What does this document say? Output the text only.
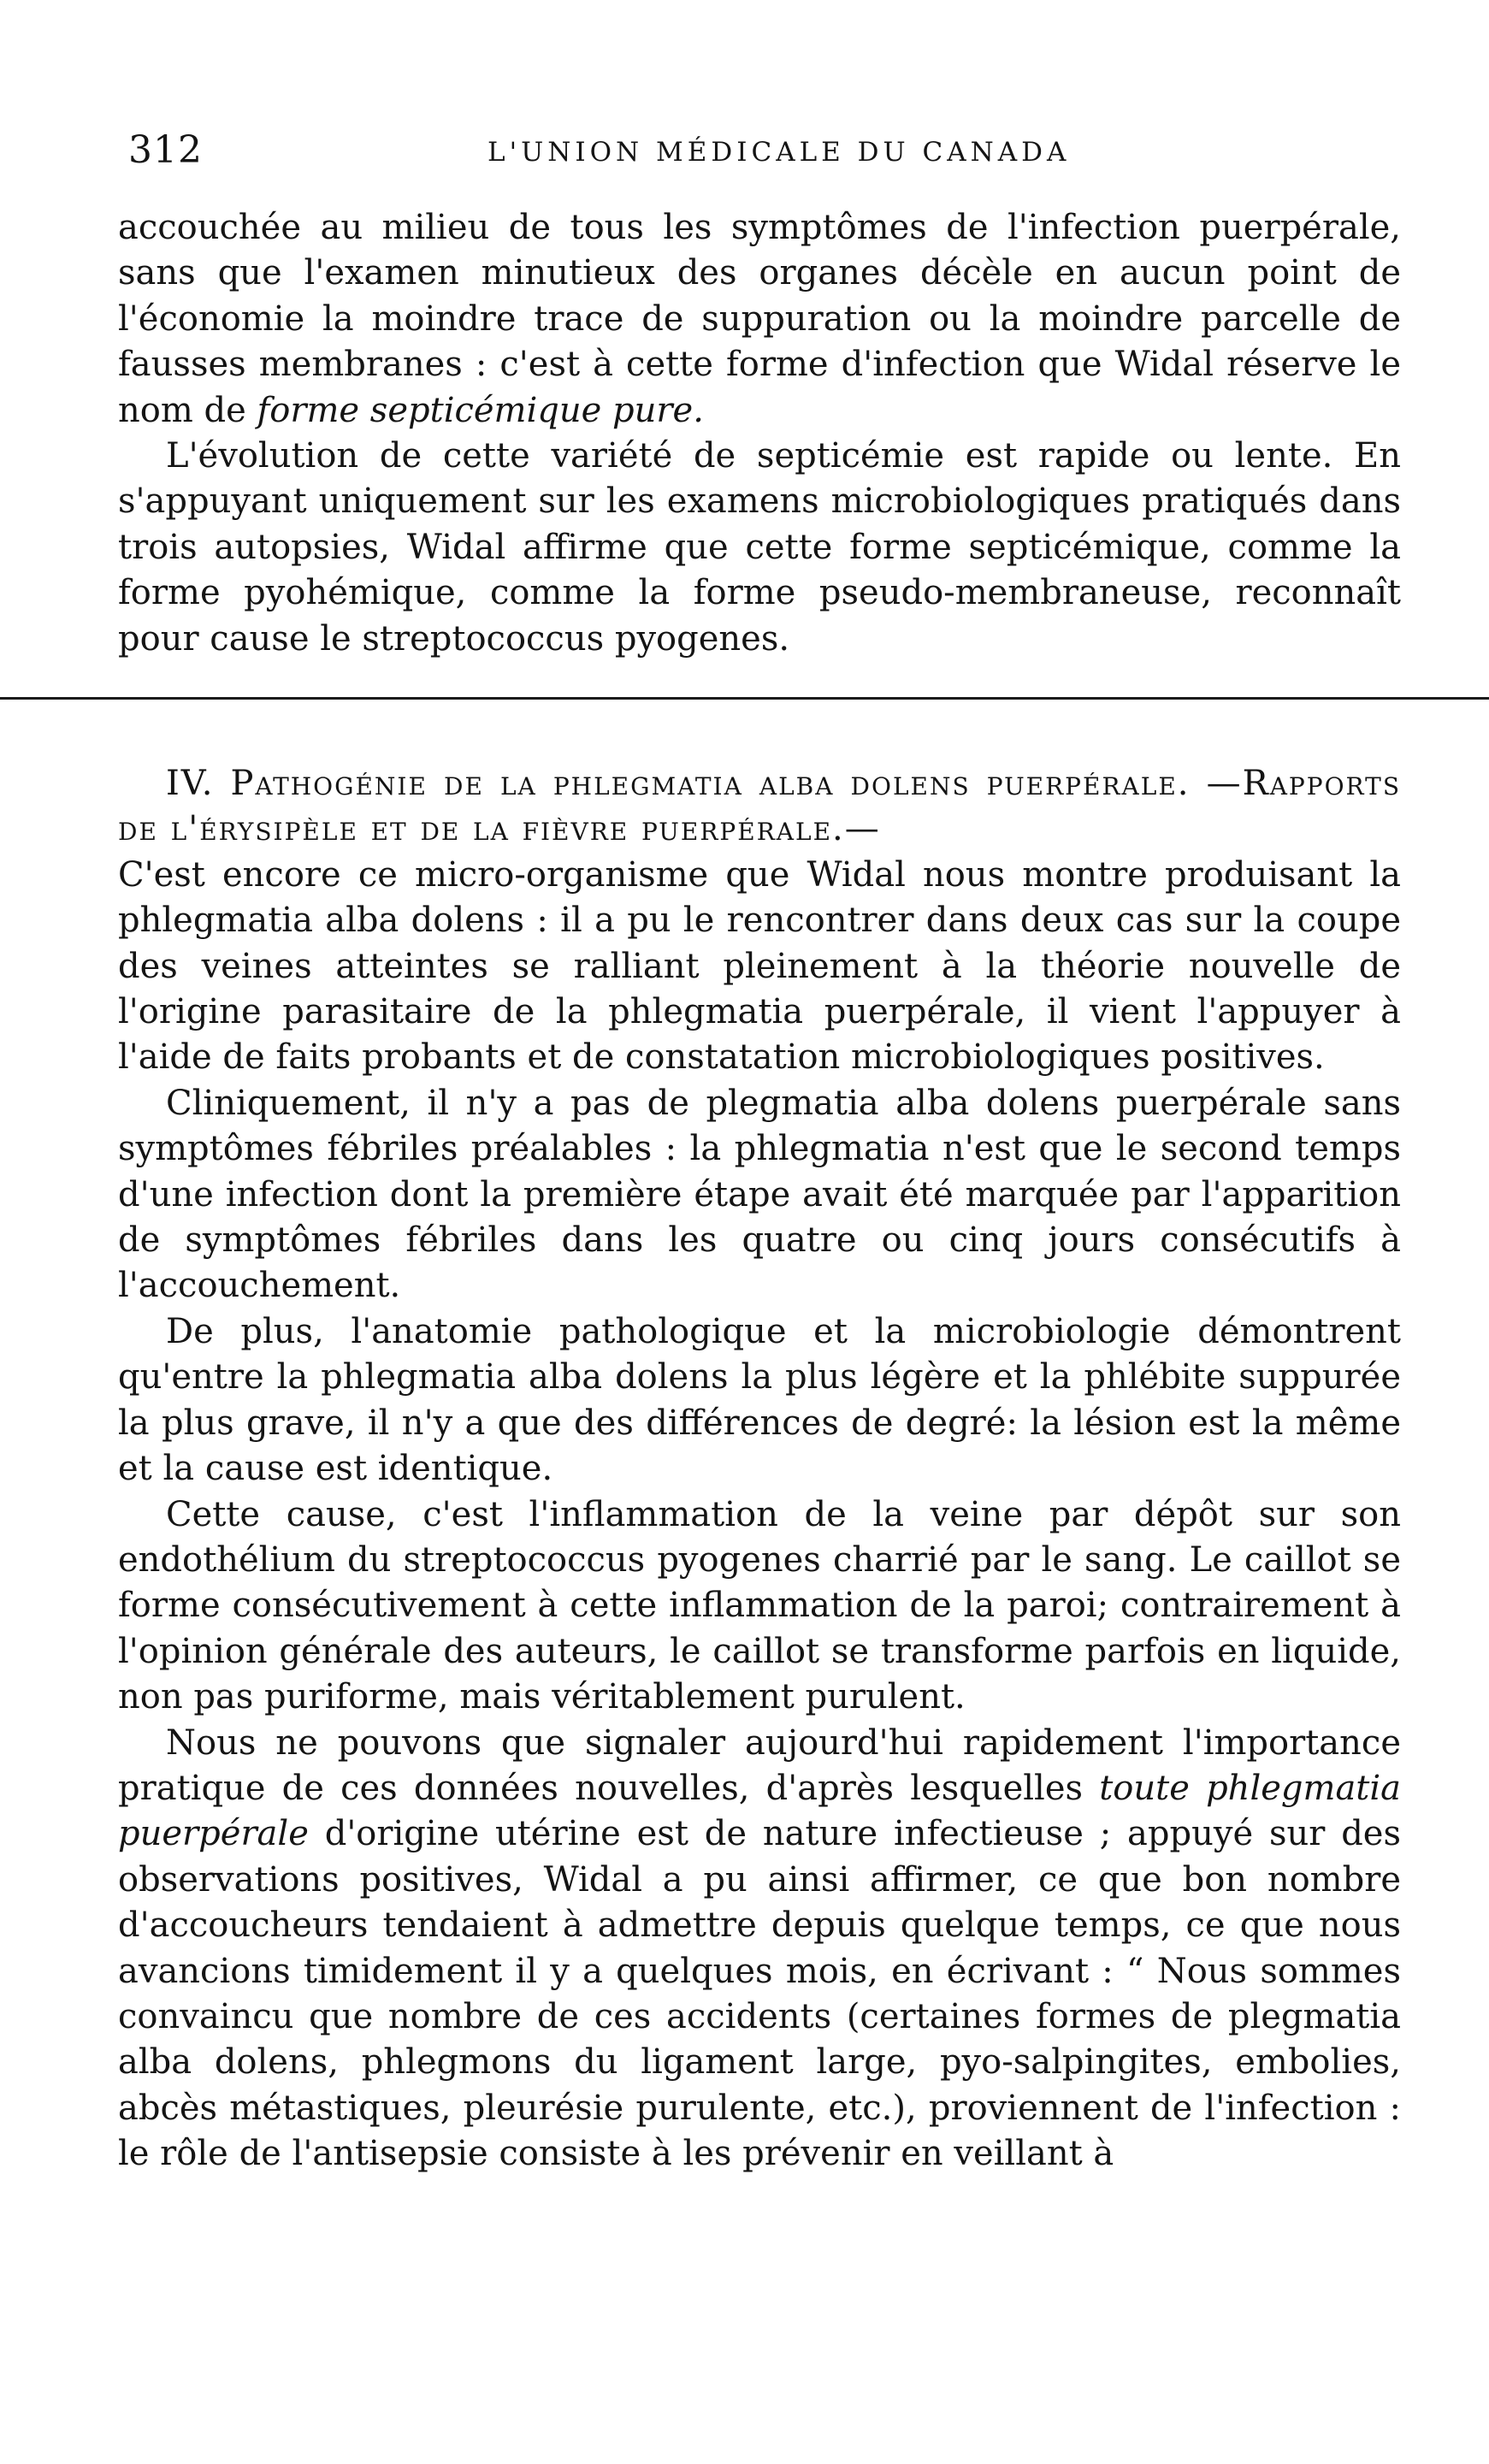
312	L'UNION MÉDICALE DU CANADA

accouchée au milieu de tous les symptômes de l'infection puerpérale, sans que l'examen minutieux des organes décèle en aucun point de l'économie la moindre trace de suppuration ou la moindre parcelle de fausses membranes : c'est à cette forme d'infection que Widal réserve le nom de forme septicémique pure.

L'évolution de cette variété de septicémie est rapide ou lente. En s'appuyant uniquement sur les examens microbiologiques pratiqués dans trois autopsies, Widal affirme que cette forme septicémique, comme la forme pyohémique, comme la forme pseudo-membraneuse, reconnaît pour cause le streptococcus pyogenes.

IV. Pathogénie de la phlegmatia alba dolens puerpérale. —Rapports de l'érysipèle et de la fièvre puerpérale.—

C'est encore ce micro-organisme que Widal nous montre produisant la phlegmatia alba dolens : il a pu le rencontrer dans deux cas sur la coupe des veines atteintes se ralliant pleinement à la théorie nouvelle de l'origine parasitaire de la phlegmatia puerpérale, il vient l'appuyer à l'aide de faits probants et de constatation microbiologiques positives.

Cliniquement, il n'y a pas de plegmatia alba dolens puerpérale sans symptômes fébriles préalables : la phlegmatia n'est que le second temps d'une infection dont la première étape avait été marquée par l'apparition de symptômes fébriles dans les quatre ou cinq jours consécutifs à l'accouchement.

De plus, l'anatomie pathologique et la microbiologie démontrent qu'entre la phlegmatia alba dolens la plus légère et la phlébite suppurée la plus grave, il n'y a que des différences de degré: la lésion est la même et la cause est identique.

Cette cause, c'est l'inflammation de la veine par dépôt sur son endothélium du streptococcus pyogenes charrié par le sang. Le caillot se forme consécutivement à cette inflammation de la paroi; contrairement à l'opinion générale des auteurs, le caillot se transforme parfois en liquide, non pas puriforme, mais véritablement purulent.

Nous ne pouvons que signaler aujourd'hui rapidement l'importance pratique de ces données nouvelles, d'après lesquelles toute phlegmatia puerpérale d'origine utérine est de nature infectieuse ; appuyé sur des observations positives, Widal a pu ainsi affirmer, ce que bon nombre d'accoucheurs tendaient à admettre depuis quelque temps, ce que nous avancions timidement il y a quelques mois, en écrivant : “ Nous sommes convaincu que nombre de ces accidents (certaines formes de plegmatia alba dolens, phlegmons du ligament large, pyo-salpingites, embolies, abcès métastiques, pleurésie purulente, etc.), proviennent de l'infection : le rôle de l'antisepsie consiste à les prévenir en veillant à
